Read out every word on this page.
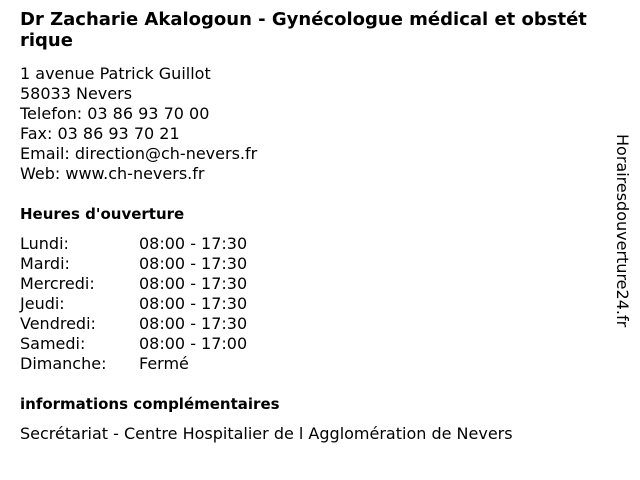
Dr Zacharie Akalogoun - Gynécologue médical et obstétrique
1 avenue Patrick Guillot
58033 Nevers
Telefon: 03 86 93 70 00
Fax: 03 86 93 70 21
Email: direction@ch-nevers.fr
Web: www.ch-nevers.fr
Heures d'ouverture
Lundi:	08:00 - 17:30
Mardi:	08:00 - 17:30
Mercredi:	08:00 - 17:30
Jeudi:	08:00 - 17:30
Vendredi:	08:00 - 17:30
Samedi:	08:00 - 17:00
Dimanche:	Fermé
informations complémentaires
Secrétariat - Centre Hospitalier de l Agglomération de Nevers
Horairesdouverture24.fr
